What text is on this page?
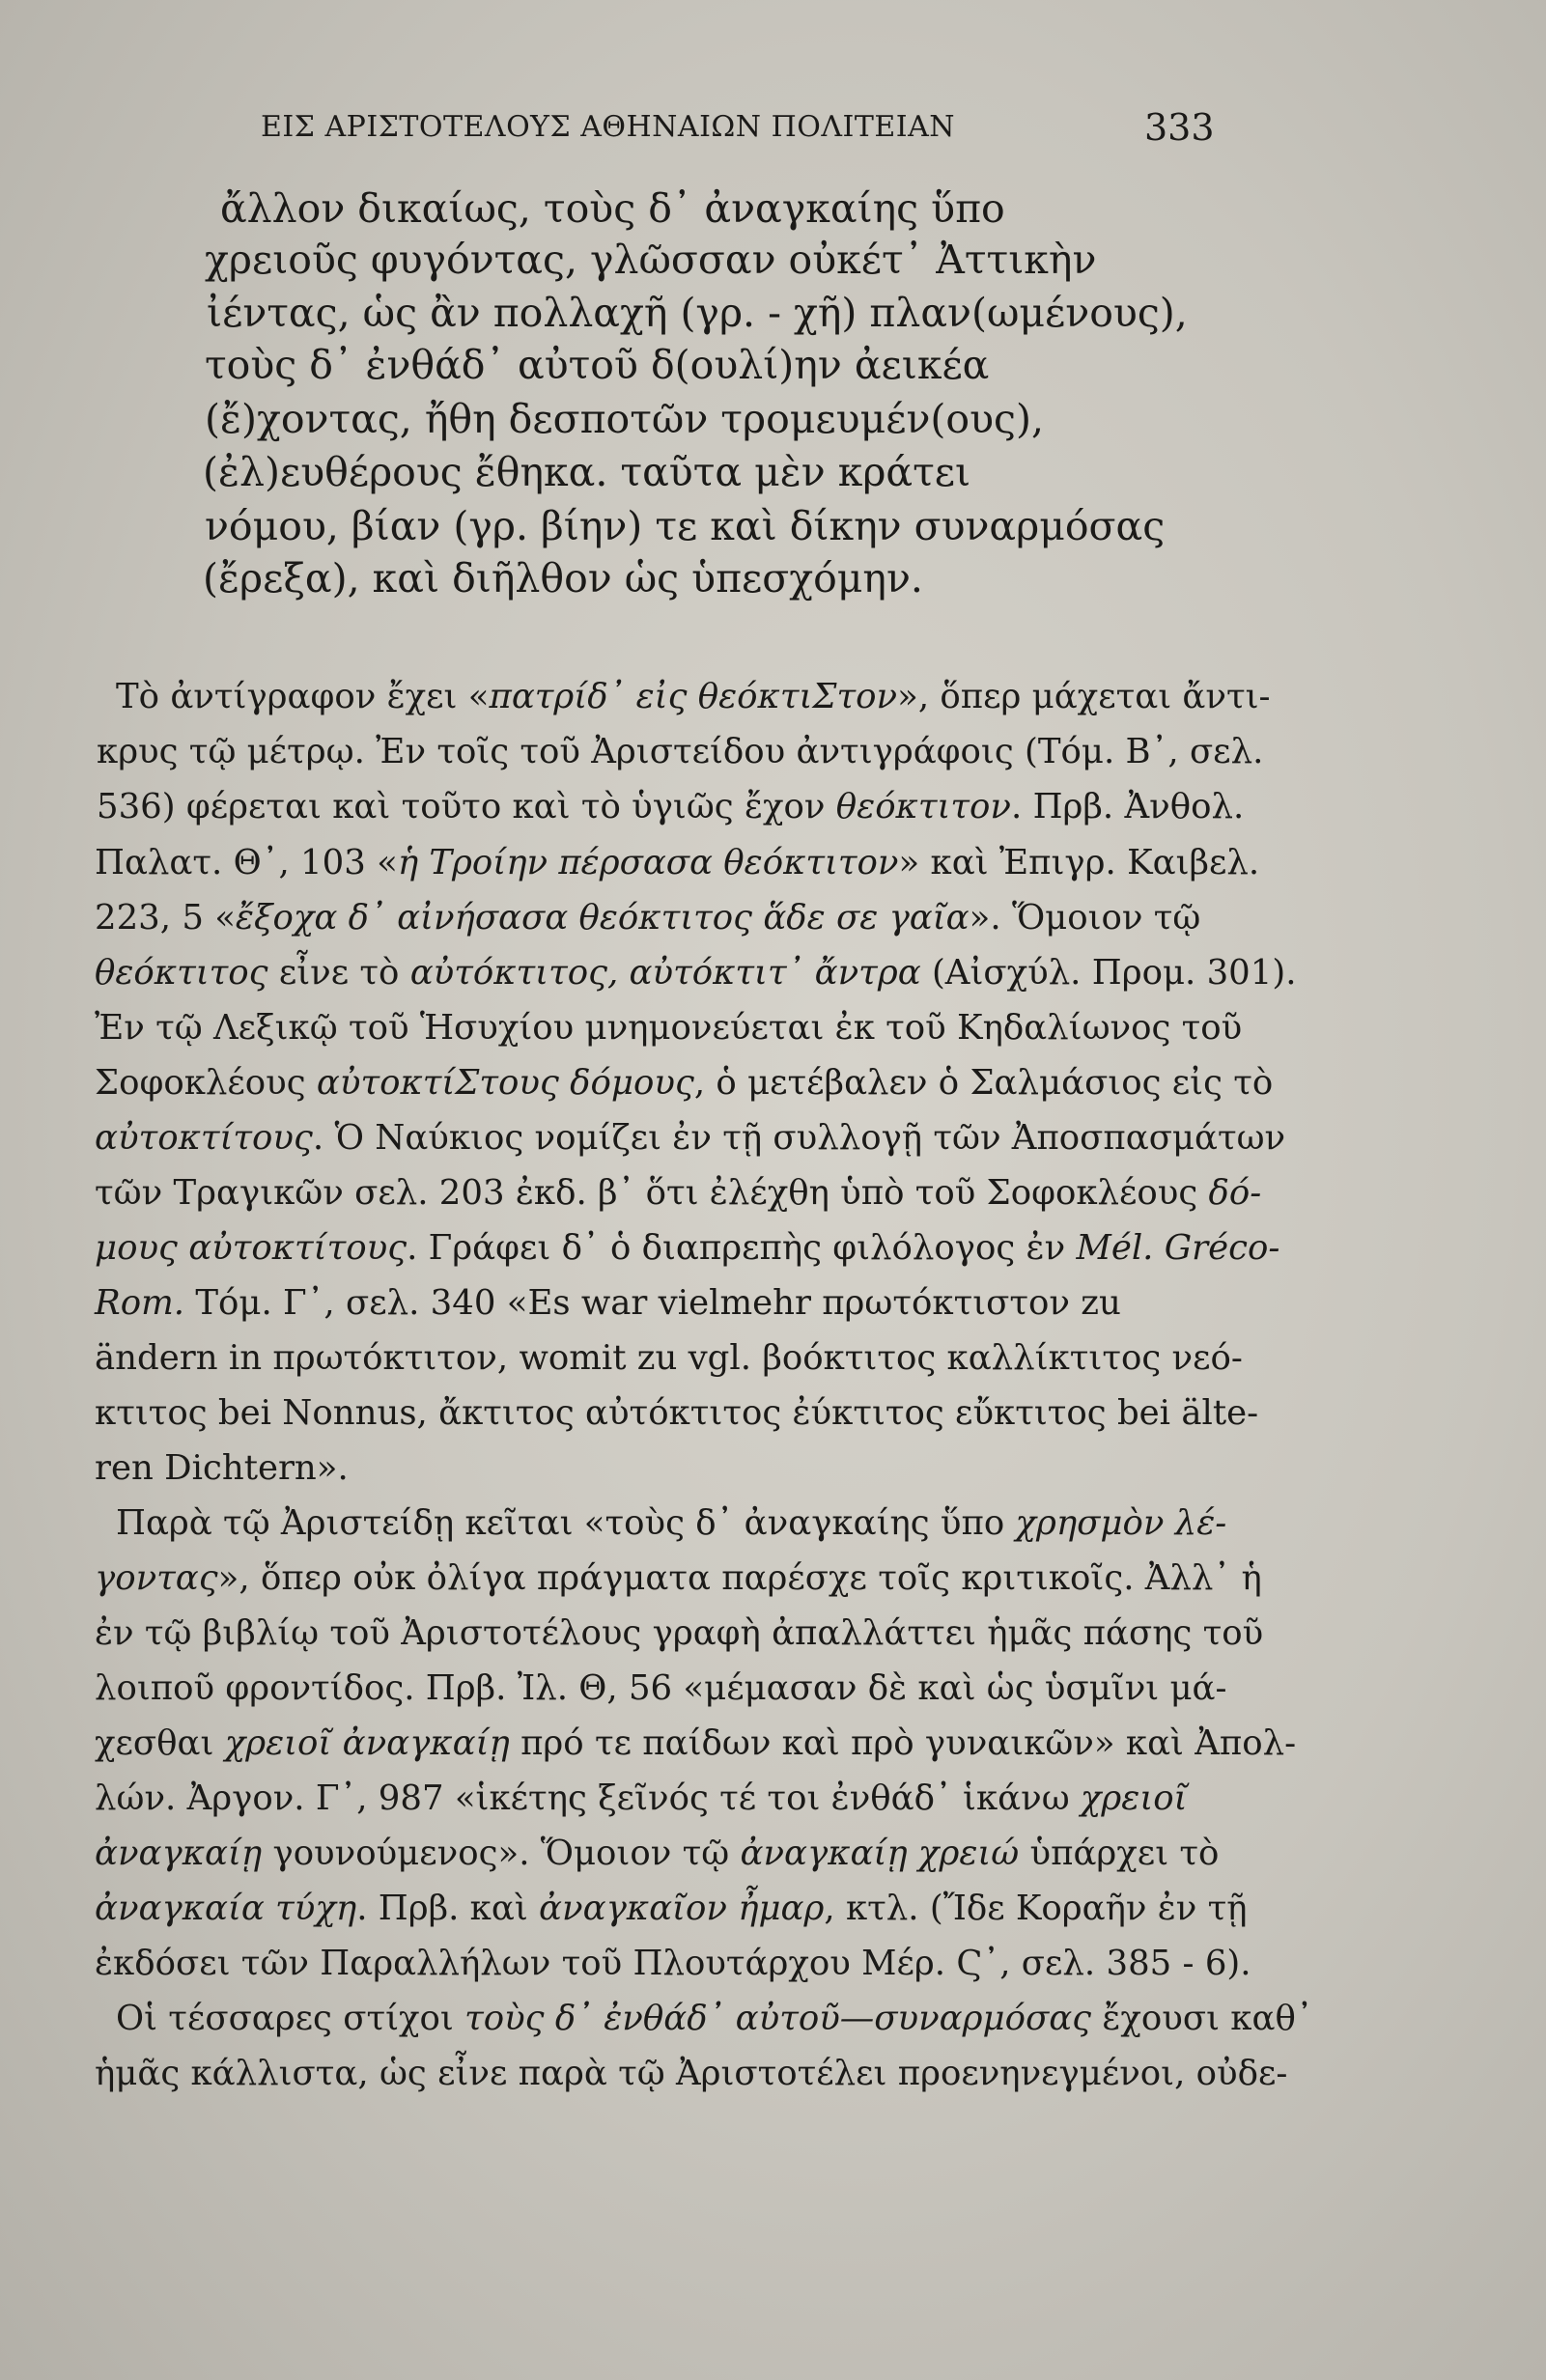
ΕΙΣ ΑΡΙΣΤΟΤΕΛΟΥΣ ΑΘΗΝΑΙΩΝ ΠΟΛΙΤΕΙΑΝ	333
ἄλλον δικαίως, τοὺς δ᾽ ἀναγκαίης ὕπο
χρειοῦς φυγόντας, γλῶσσαν οὐκέτ᾽ Ἀττικὴν
ἰέντας, ὡς ἂν πολλαχῆ (γρ. - χῆ) πλαν(ωμένους),
τοὺς δ᾽ ἐνθάδ᾽ αὐτοῦ δ(ουλί)ην ἀεικέα
(ἔ)χοντας, ἤθη δεσποτῶν τρομευμέν(ους),
(ἐλ)ευθέρους ἔθηκα. ταῦτα μὲν κράτει
νόμου, βίαν (γρ. βίην) τε καὶ δίκην συναρμόσας
(ἔρεξα), καὶ διῆλθον ὡς ὑπεσχόμην.
Τὸ ἀντίγραφον ἔχει «πατρίδ᾽ εἰς θεόκτιΣτον», ὅπερ μάχεται ἄντι-
κρυς τῷ μέτρῳ. Ἐν τοῖς τοῦ Ἀριστείδου ἀντιγράφοις (Τόμ. Β᾽, σελ.
536) φέρεται καὶ τοῦτο καὶ τὸ ὑγιῶς ἔχον θεόκτιτον. Πρβ. Ἀνθολ.
Παλατ. Θ᾽, 103 «ἡ Τροίην πέρσασα θεόκτιτον» καὶ Ἐπιγρ. Καιβελ.
223, 5 «ἔξοχα δ᾽ αἰνήσασα θεόκτιτος ἅδε σε γαῖα». Ὅμοιον τῷ
θεόκτιτος εἶνε τὸ αὐτόκτιτος, αὐτόκτιτ᾽ ἄντρα (Αἰσχύλ. Προμ. 301).
Ἐν τῷ Λεξικῷ τοῦ Ἡσυχίου μνημονεύεται ἐκ τοῦ Κηδαλίωνος τοῦ
Σοφοκλέους αὐτοκτίΣτους δόμους, ὁ μετέβαλεν ὁ Σαλμάσιος εἰς τὸ
αὐτοκτίτους. Ὁ Ναύκιος νομίζει ἐν τῇ συλλογῇ τῶν Ἀποσπασμάτων
τῶν Τραγικῶν σελ. 203 ἐκδ. β᾽ ὅτι ἐλέχθη ὑπὸ τοῦ Σοφοκλέους δό-
μους αὐτοκτίτους. Γράφει δ᾽ ὁ διαπρεπὴς φιλόλογος ἐν Mél. Gréco-
Rom. Τόμ. Γ᾽, σελ. 340 «Es war vielmehr πρωτόκτιστον zu
ändern in πρωτόκτιτον, womit zu vgl. βοόκτιτος καλλίκτιτος νεό-
κτιτος bei Nonnus, ἄκτιτος αὐτόκτιτος ἐύκτιτος εὔκτιτος bei älte-
ren Dichtern».
Παρὰ τῷ Ἀριστείδῃ κεῖται «τοὺς δ᾽ ἀναγκαίης ὕπο χρησμὸν λέ-
γοντας», ὅπερ οὐκ ὀλίγα πράγματα παρέσχε τοῖς κριτικοῖς. Ἀλλ᾽ ἡ
ἐν τῷ βιβλίῳ τοῦ Ἀριστοτέλους γραφὴ ἀπαλλάττει ἡμᾶς πάσης τοῦ
λοιποῦ φροντίδος. Πρβ. Ἰλ. Θ, 56 «μέμασαν δὲ καὶ ὡς ὑσμῖνι μά-
χεσθαι χρειοῖ ἀναγκαίῃ πρό τε παίδων καὶ πρὸ γυναικῶν» καὶ Ἀπολ-
λών. Ἀργον. Γ᾽, 987 «ἱκέτης ξεῖνός τέ τοι ἐνθάδ᾽ ἱκάνω χρειοῖ
ἀναγκαίῃ γουνούμενος». Ὅμοιον τῷ ἀναγκαίῃ χρειώ ὑπάρχει τὸ
ἀναγκαία τύχη. Πρβ. καὶ ἀναγκαῖον ἦμαρ, κτλ. (Ἴδε Κοραῆν ἐν τῇ
ἐκδόσει τῶν Παραλλήλων τοῦ Πλουτάρχου Μέρ. Ϛ᾽, σελ. 385 - 6).
Οἱ τέσσαρες στίχοι τοὺς δ᾽ ἐνθάδ᾽ αὐτοῦ—συναρμόσας ἔχουσι καθ᾽
ἡμᾶς κάλλιστα, ὡς εἶνε παρὰ τῷ Ἀριστοτέλει προενηνεγμένοι, οὐδε-
